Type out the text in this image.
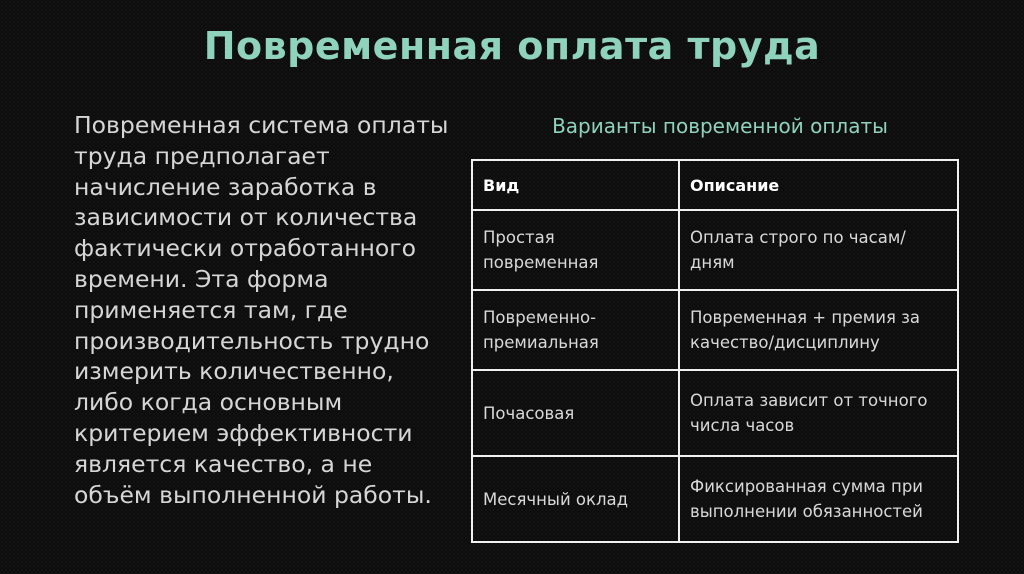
Повременная оплата труда

Повременная система оплаты труда предполагает начисление заработка в зависимости от количества фактически отработанного времени. Эта форма применяется там, где производительность трудно измерить количественно, либо когда основным критерием эффективности является качество, а не объём выполненной работы.

Варианты повременной оплаты
Вид	Описание
Простая повременная	Оплата строго по часам/дням
Повременно-премиальная	Повременная + премия за качество/дисциплину
Почасовая	Оплата зависит от точного числа часов
Месячный оклад	Фиксированная сумма при выполнении обязанностей
